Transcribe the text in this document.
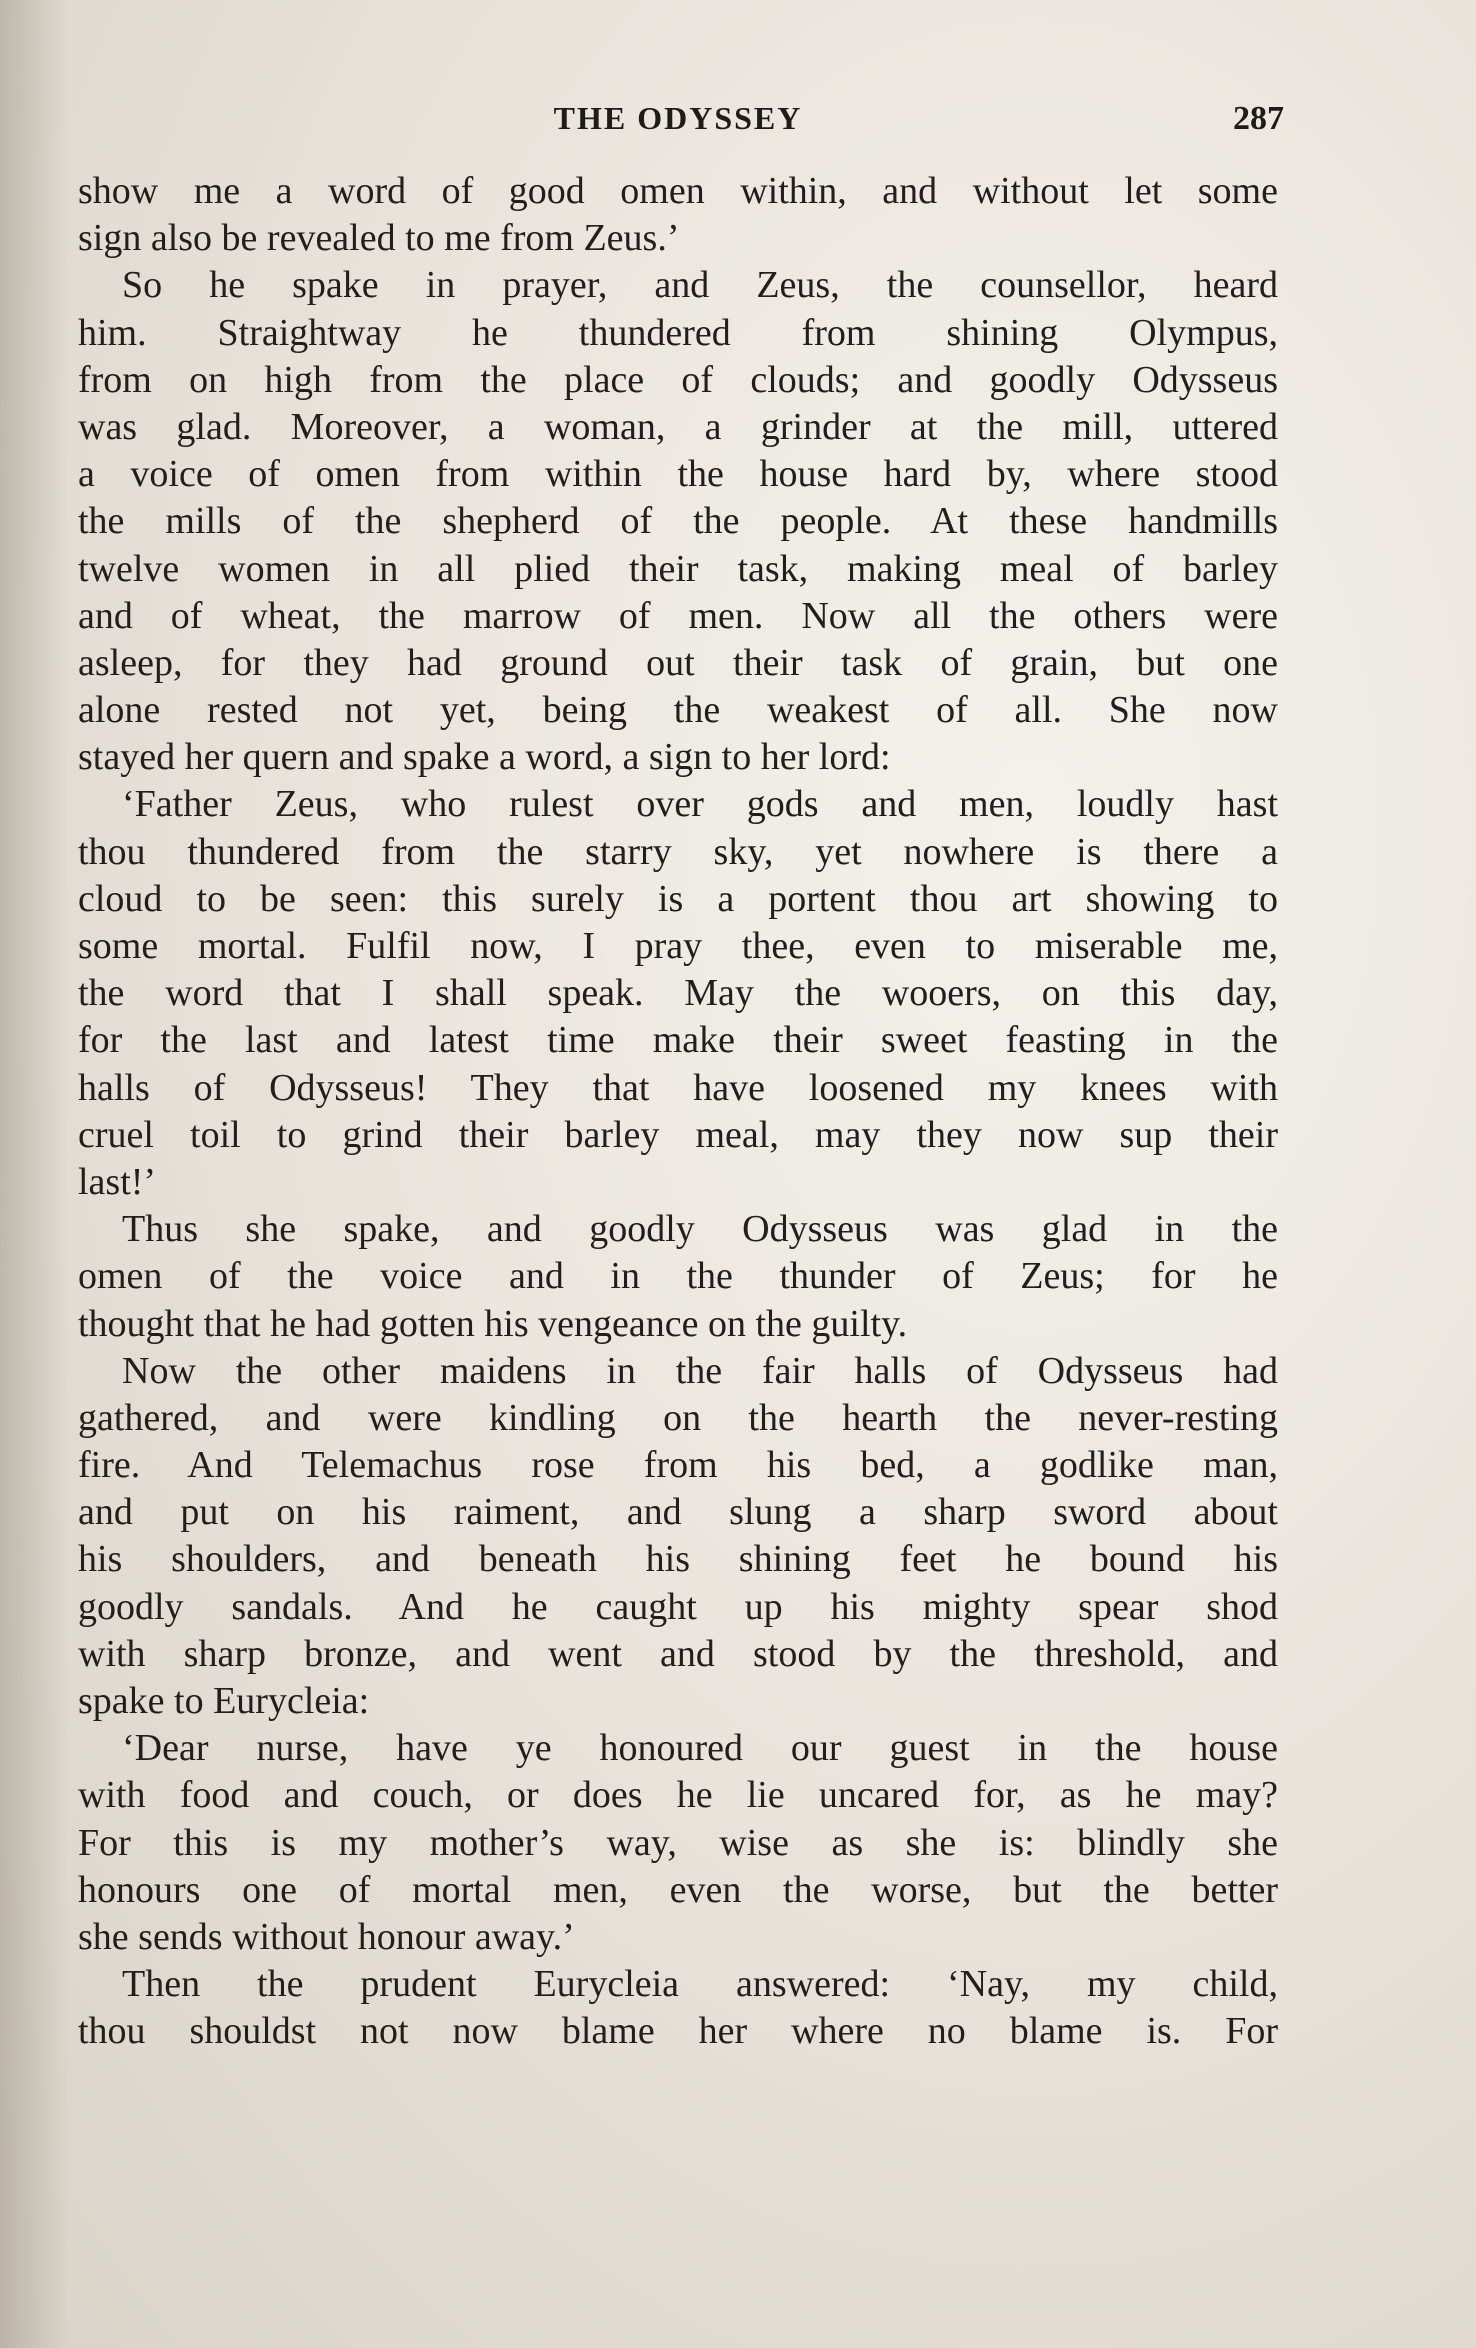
THE ODYSSEY	287
show me a word of good omen within, and without let some
sign also be revealed to me from Zeus.’
So he spake in prayer, and Zeus, the counsellor, heard
him. Straightway he thundered from shining Olympus,
from on high from the place of clouds; and goodly Odysseus
was glad. Moreover, a woman, a grinder at the mill, uttered
a voice of omen from within the house hard by, where stood
the mills of the shepherd of the people. At these handmills
twelve women in all plied their task, making meal of barley
and of wheat, the marrow of men. Now all the others were
asleep, for they had ground out their task of grain, but one
alone rested not yet, being the weakest of all. She now
stayed her quern and spake a word, a sign to her lord:
‘Father Zeus, who rulest over gods and men, loudly hast
thou thundered from the starry sky, yet nowhere is there a
cloud to be seen: this surely is a portent thou art showing to
some mortal. Fulfil now, I pray thee, even to miserable me,
the word that I shall speak. May the wooers, on this day,
for the last and latest time make their sweet feasting in the
halls of Odysseus! They that have loosened my knees with
cruel toil to grind their barley meal, may they now sup their
last!’
Thus she spake, and goodly Odysseus was glad in the
omen of the voice and in the thunder of Zeus; for he
thought that he had gotten his vengeance on the guilty.
Now the other maidens in the fair halls of Odysseus had
gathered, and were kindling on the hearth the never-resting
fire. And Telemachus rose from his bed, a godlike man,
and put on his raiment, and slung a sharp sword about
his shoulders, and beneath his shining feet he bound his
goodly sandals. And he caught up his mighty spear shod
with sharp bronze, and went and stood by the threshold, and
spake to Eurycleia:
‘Dear nurse, have ye honoured our guest in the house
with food and couch, or does he lie uncared for, as he may?
For this is my mother’s way, wise as she is: blindly she
honours one of mortal men, even the worse, but the better
she sends without honour away.’
Then the prudent Eurycleia answered: ‘Nay, my child,
thou shouldst not now blame her where no blame is. For
